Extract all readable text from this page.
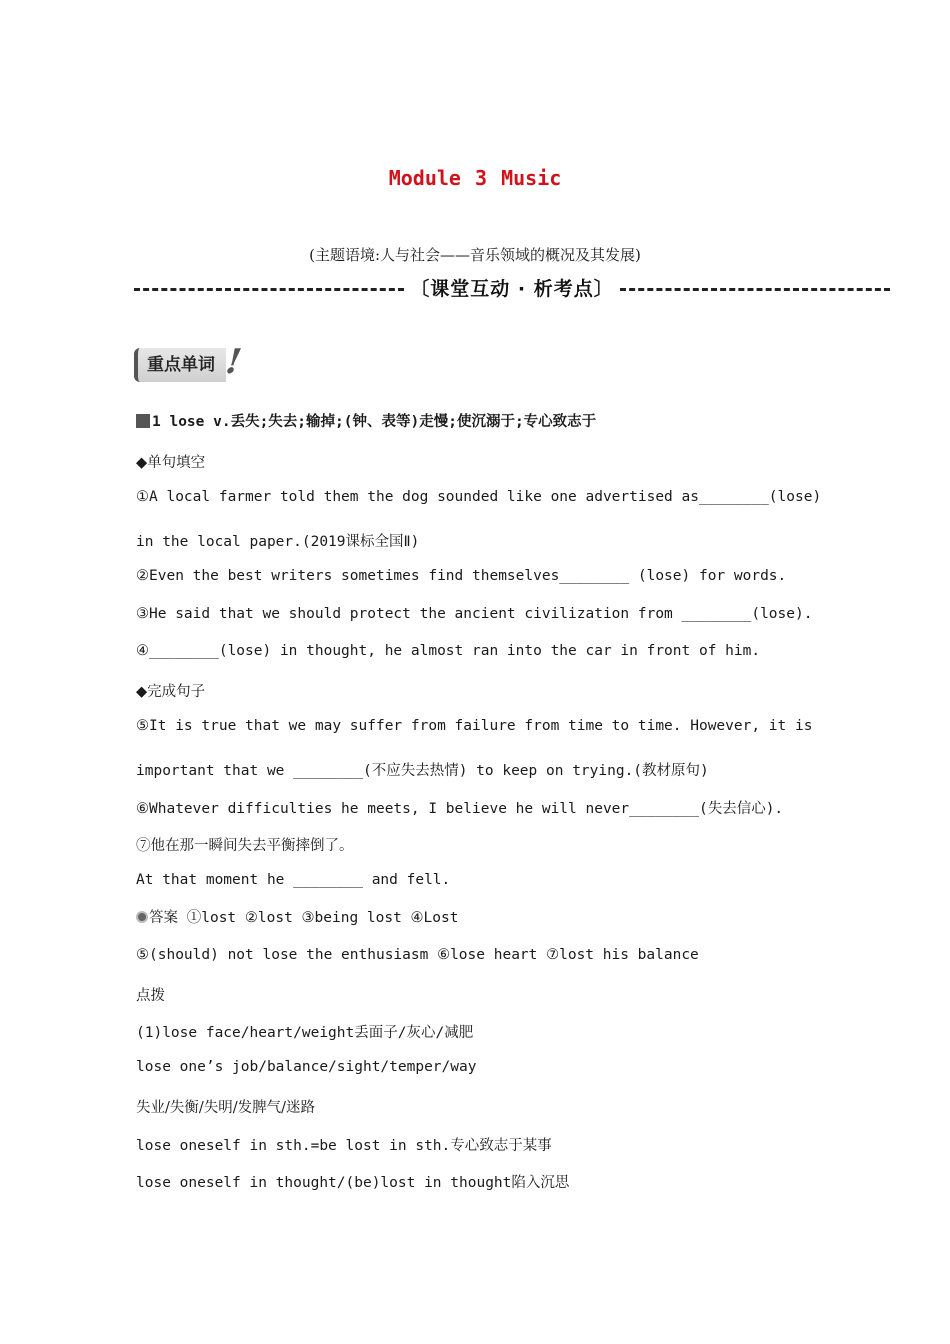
Module 3 Music
(主题语境:人与社会——音乐领域的概况及其发展)
〔课堂互动 · 析考点〕
重点单词 !
1 lose v.丢失;失去;输掉;(钟、表等)走慢;使沉溺于;专心致志于
◆单句填空
①A local farmer told them the dog sounded like one advertised as________(lose)
in the local paper.(2019课标全国Ⅱ)
②Even the best writers sometimes find themselves________ (lose) for words.
③He said that we should protect the ancient civilization from ________(lose).
④________(lose) in thought, he almost ran into the car in front of him.
◆完成句子
⑤It is true that we may suffer from failure from time to time. However, it is
important that we ________(不应失去热情) to keep on trying.(教材原句)
⑥Whatever difficulties he meets, I believe he will never________(失去信心).
⑦他在那一瞬间失去平衡摔倒了。
At that moment he ________ and fell.
答案 ①lost ②lost ③being lost ④Lost
⑤(should) not lose the enthusiasm ⑥lose heart ⑦lost his balance
点拨
(1)lose face/heart/weight丢面子/灰心/减肥
lose one’s job/balance/sight/temper/way
失业/失衡/失明/发脾气/迷路
lose oneself in sth.=be lost in sth.专心致志于某事
lose oneself in thought/(be)lost in thought陷入沉思
